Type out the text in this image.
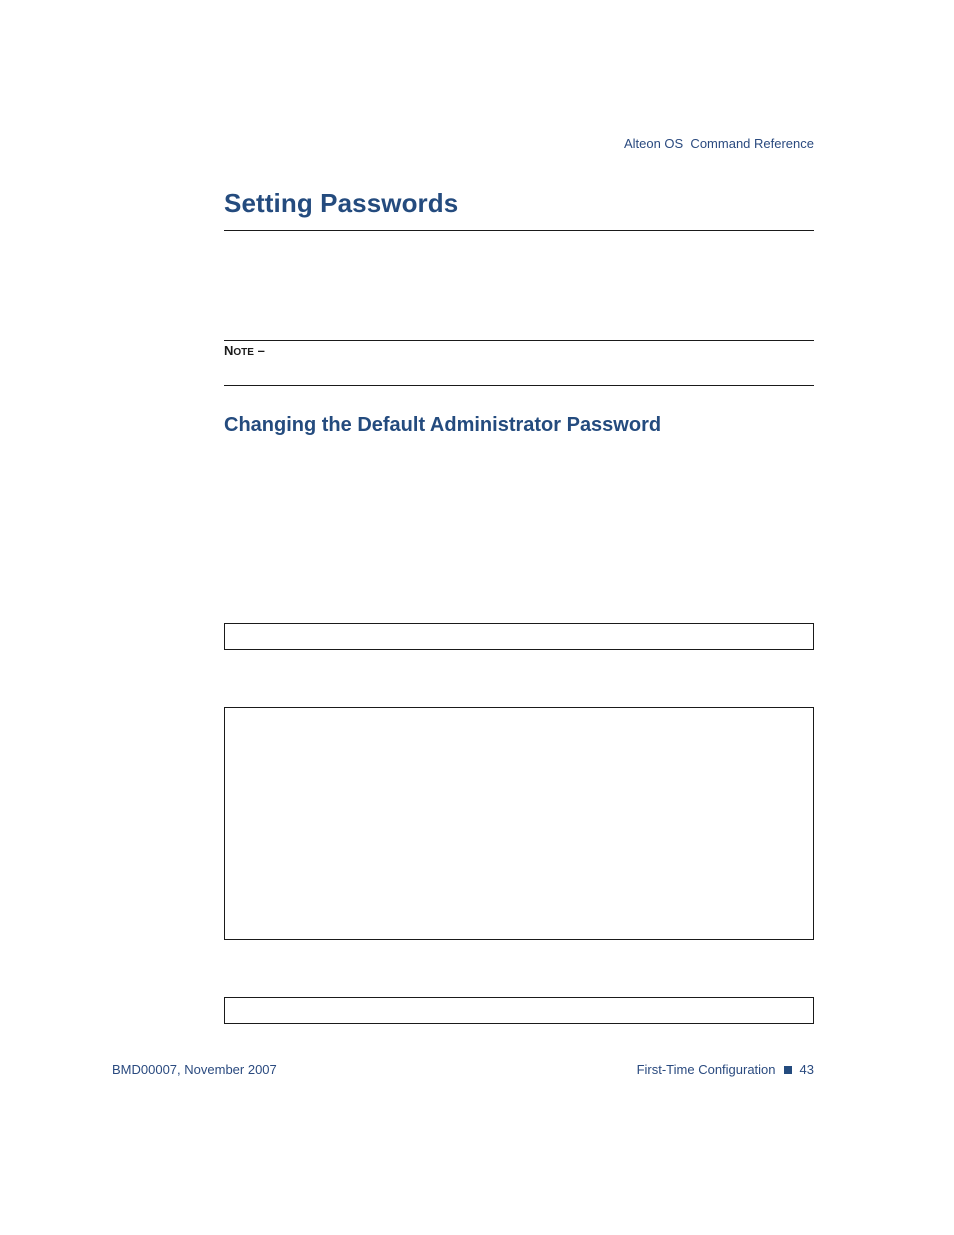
Alteon OS  Command Reference
Setting Passwords
NOTE –
Changing the Default Administrator Password
BMD00007, November 2007	First-Time Configuration 43
